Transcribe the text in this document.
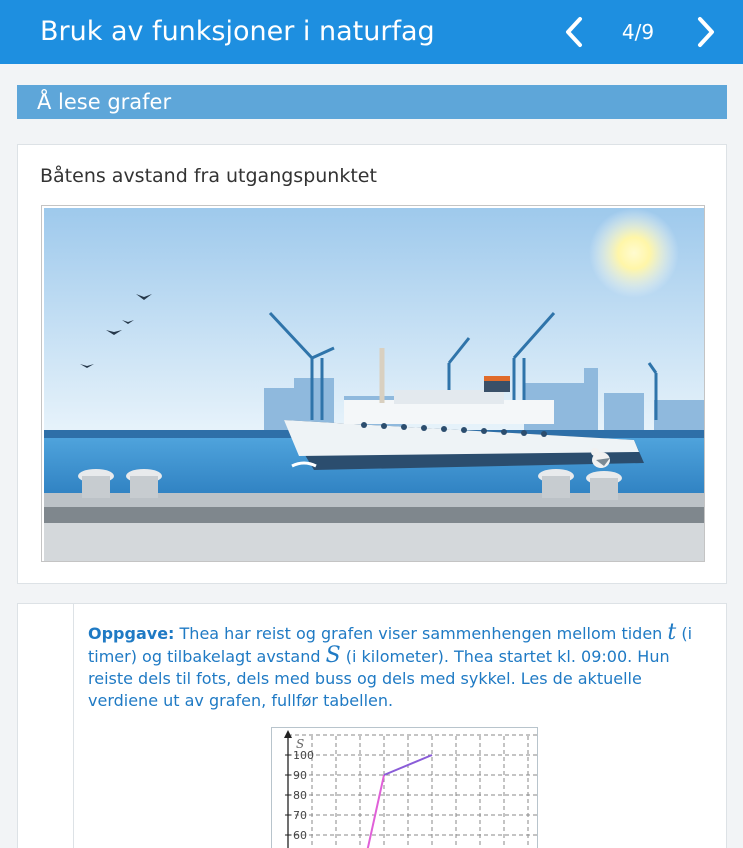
Bruk av funksjoner i naturfag	4/9
Å lese grafer
Båtens avstand fra utgangspunktet

Oppgave: Thea har reist og grafen viser sammenhengen mellom tiden t (i timer) og tilbakelagt avstand S (i kilometer). Thea startet kl. 09:00. Hun reiste dels til fots, dels med buss og dels med sykkel. Les de aktuelle verdiene ut av grafen, fullfør tabellen.

S
60
70
80
90
100
